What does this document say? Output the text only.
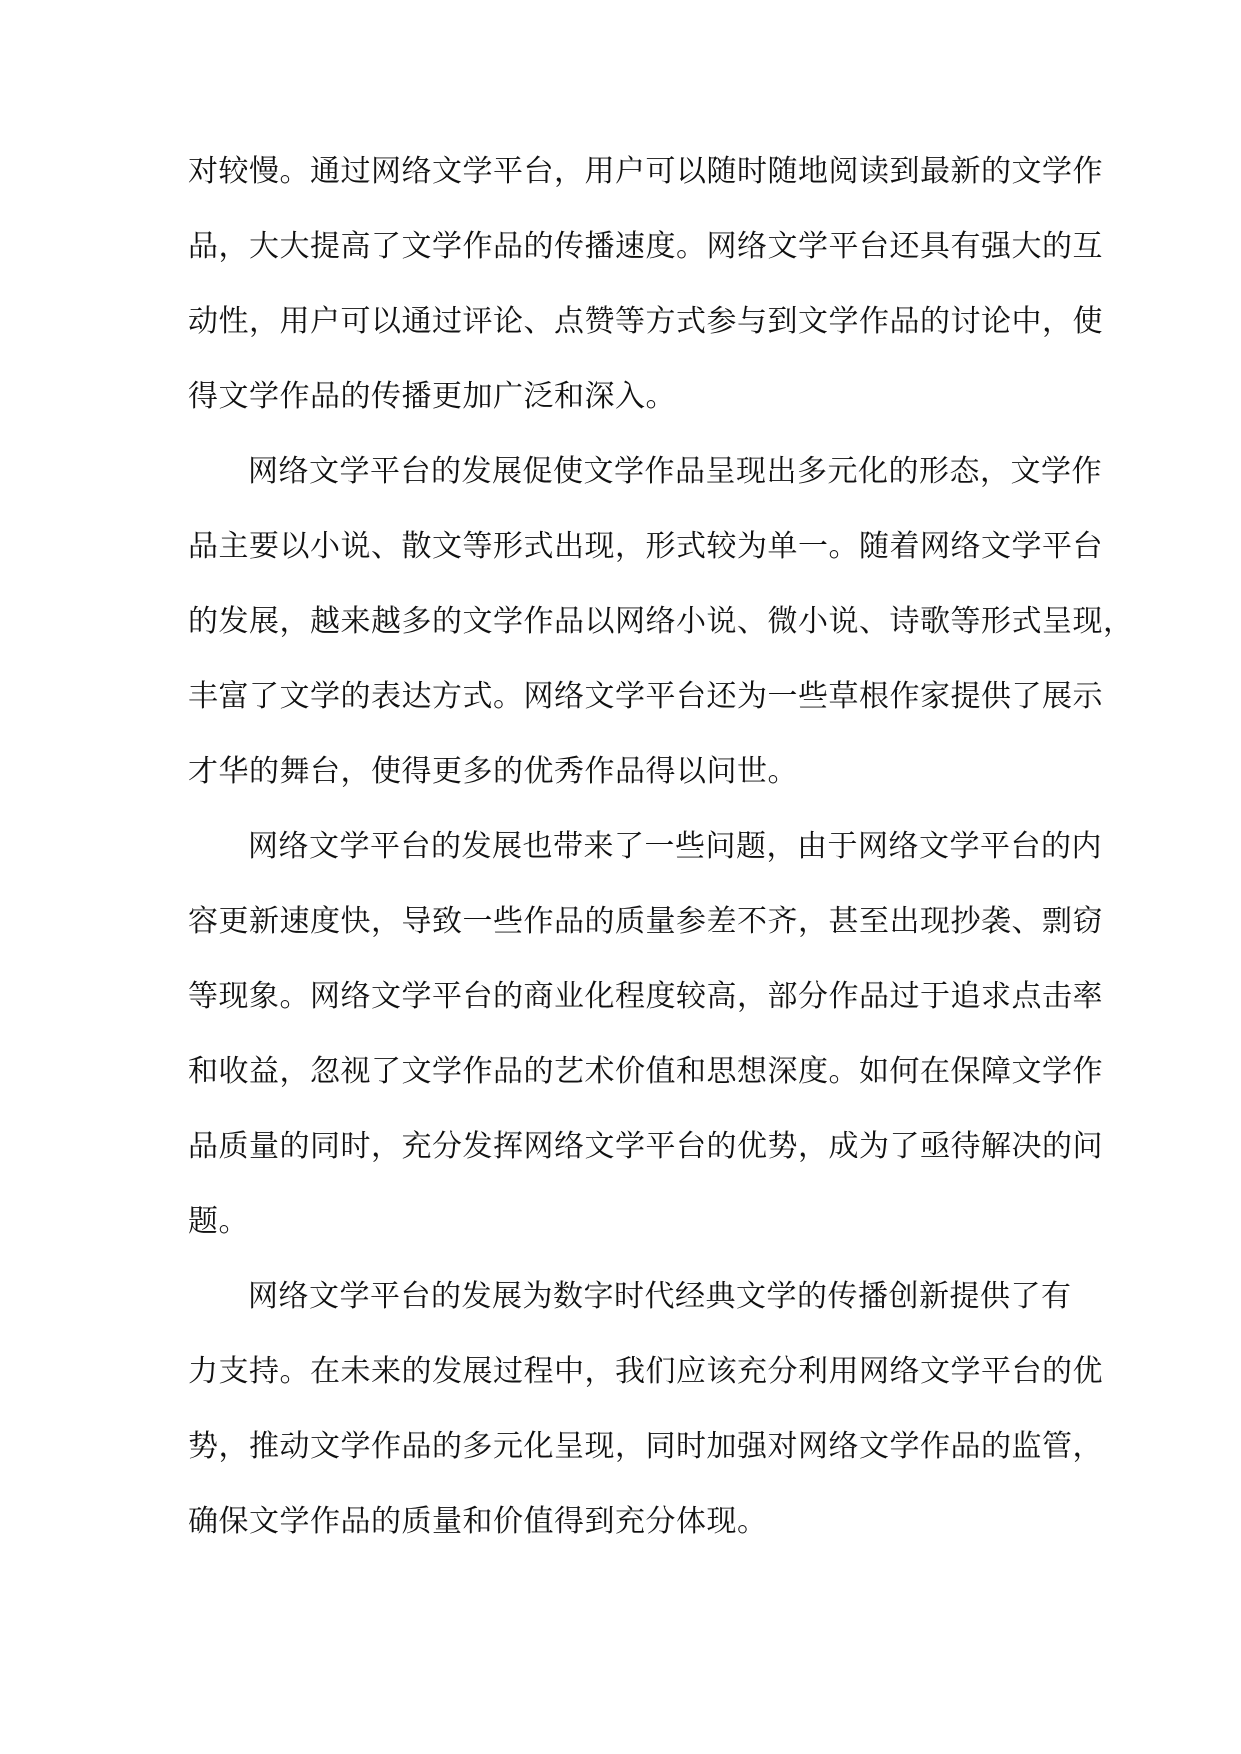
对较慢。通过网络文学平台，用户可以随时随地阅读到最新的文学作
品，大大提高了文学作品的传播速度。网络文学平台还具有强大的互
动性，用户可以通过评论、点赞等方式参与到文学作品的讨论中，使
得文学作品的传播更加广泛和深入。
网络文学平台的发展促使文学作品呈现出多元化的形态，文学作
品主要以小说、散文等形式出现，形式较为单一。随着网络文学平台
的发展，越来越多的文学作品以网络小说、微小说、诗歌等形式呈现，
丰富了文学的表达方式。网络文学平台还为一些草根作家提供了展示
才华的舞台，使得更多的优秀作品得以问世。
网络文学平台的发展也带来了一些问题，由于网络文学平台的内
容更新速度快，导致一些作品的质量参差不齐，甚至出现抄袭、剽窃
等现象。网络文学平台的商业化程度较高，部分作品过于追求点击率
和收益，忽视了文学作品的艺术价值和思想深度。如何在保障文学作
品质量的同时，充分发挥网络文学平台的优势，成为了亟待解决的问
题。
网络文学平台的发展为数字时代经典文学的传播创新提供了有
力支持。在未来的发展过程中，我们应该充分利用网络文学平台的优
势，推动文学作品的多元化呈现，同时加强对网络文学作品的监管，
确保文学作品的质量和价值得到充分体现。
